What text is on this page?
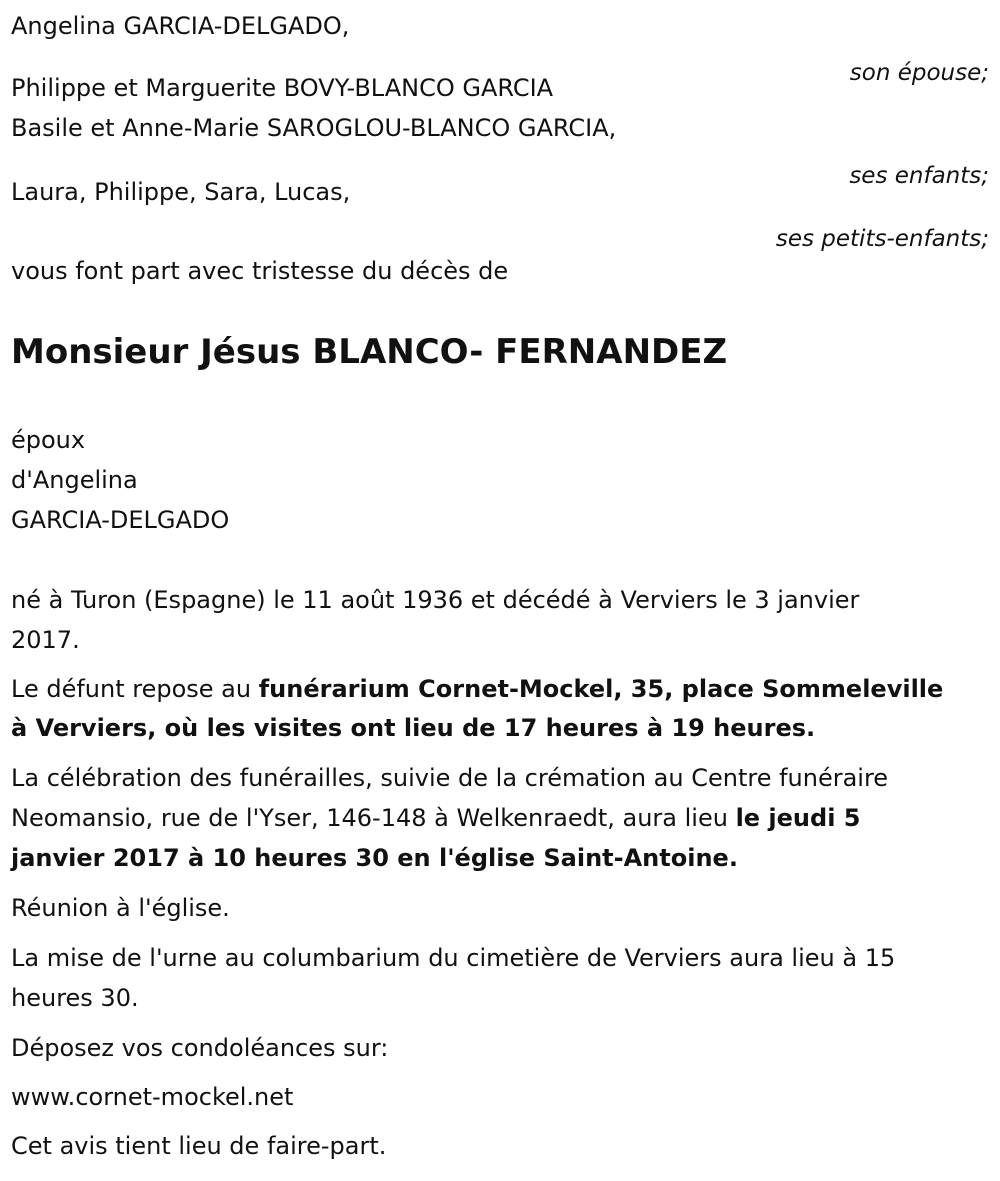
Angelina GARCIA-DELGADO,

son épouse;

Philippe et Marguerite BOVY-BLANCO GARCIA

Basile et Anne-Marie SAROGLOU-BLANCO GARCIA,

ses enfants;

Laura, Philippe, Sara, Lucas,

ses petits-enfants;

vous font part avec tristesse du décès de

Monsieur Jésus BLANCO- FERNANDEZ

époux

d'Angelina

GARCIA-DELGADO

né à Turon (Espagne) le 11 août 1936 et décédé à Verviers le 3 janvier

2017.

Le défunt repose au funérarium Cornet-Mockel, 35, place Sommeleville

à Verviers, où les visites ont lieu de 17 heures à 19 heures.

La célébration des funérailles, suivie de la crémation au Centre funéraire

Neomansio, rue de l'Yser, 146-148 à Welkenraedt, aura lieu le jeudi 5

janvier 2017 à 10 heures 30 en l'église Saint-Antoine.

Réunion à l'église.

La mise de l'urne au columbarium du cimetière de Verviers aura lieu à 15

heures 30.

Déposez vos condoléances sur:

www.cornet-mockel.net

Cet avis tient lieu de faire-part.
